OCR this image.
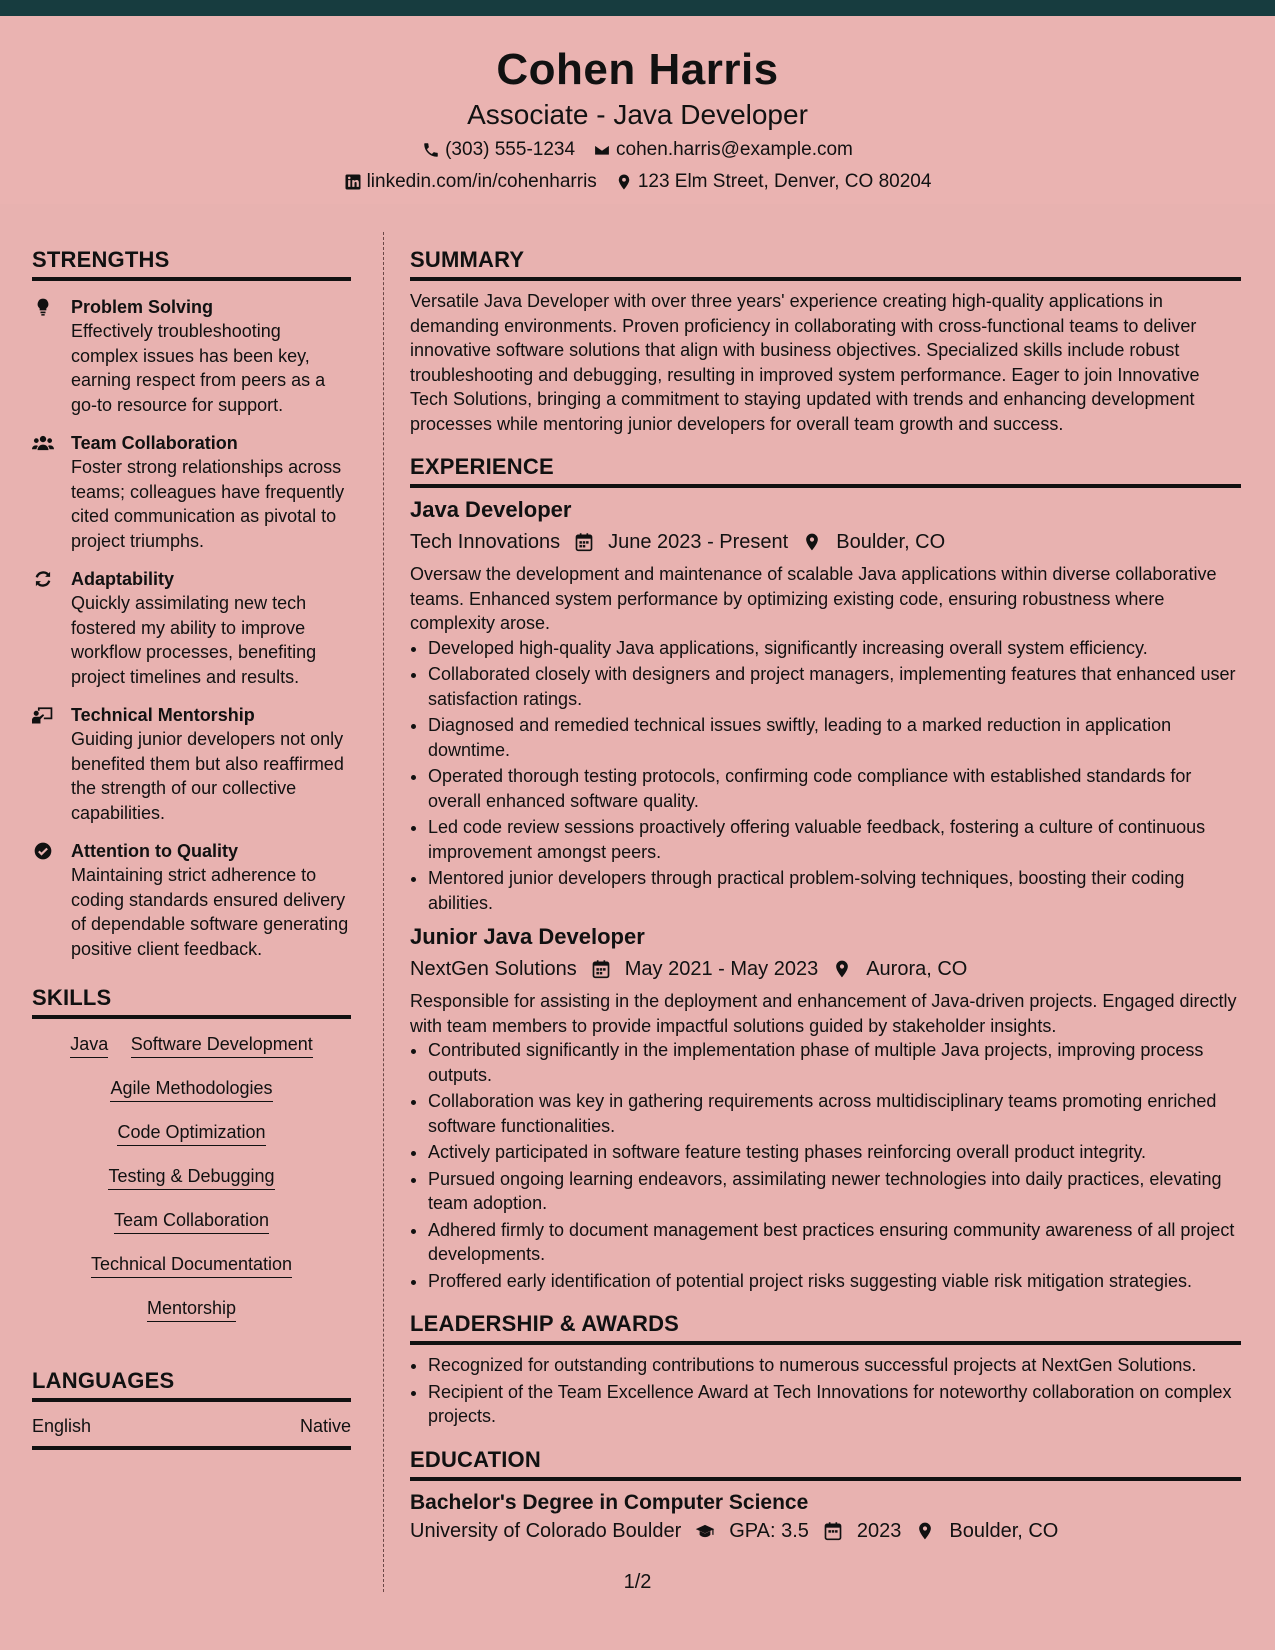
Cohen Harris
Associate - Java Developer
(303) 555-1234 cohen.harris@example.com
linkedin.com/in/cohenharris 123 Elm Street, Denver, CO 80204
STRENGTHS
Problem Solving
Effectively troubleshooting complex issues has been key, earning respect from peers as a go-to resource for support.
Team Collaboration
Foster strong relationships across teams; colleagues have frequently cited communication as pivotal to project triumphs.
Adaptability
Quickly assimilating new tech fostered my ability to improve workflow processes, benefiting project timelines and results.
Technical Mentorship
Guiding junior developers not only benefited them but also reaffirmed the strength of our collective capabilities.
Attention to Quality
Maintaining strict adherence to coding standards ensured delivery of dependable software generating positive client feedback.
SKILLS
Java Software Development
Agile Methodologies
Code Optimization
Testing & Debugging
Team Collaboration
Technical Documentation
Mentorship
LANGUAGES
English	Native
SUMMARY
Versatile Java Developer with over three years' experience creating high-quality applications in demanding environments. Proven proficiency in collaborating with cross-functional teams to deliver innovative software solutions that align with business objectives. Specialized skills include robust troubleshooting and debugging, resulting in improved system performance. Eager to join Innovative Tech Solutions, bringing a commitment to staying updated with trends and enhancing development processes while mentoring junior developers for overall team growth and success.
EXPERIENCE
Java Developer
Tech Innovations June 2023 - Present Boulder, CO
Oversaw the development and maintenance of scalable Java applications within diverse collaborative teams. Enhanced system performance by optimizing existing code, ensuring robustness where complexity arose.
• Developed high-quality Java applications, significantly increasing overall system efficiency.
• Collaborated closely with designers and project managers, implementing features that enhanced user satisfaction ratings.
• Diagnosed and remedied technical issues swiftly, leading to a marked reduction in application downtime.
• Operated thorough testing protocols, confirming code compliance with established standards for overall enhanced software quality.
• Led code review sessions proactively offering valuable feedback, fostering a culture of continuous improvement amongst peers.
• Mentored junior developers through practical problem-solving techniques, boosting their coding abilities.
Junior Java Developer
NextGen Solutions May 2021 - May 2023 Aurora, CO
Responsible for assisting in the deployment and enhancement of Java-driven projects. Engaged directly with team members to provide impactful solutions guided by stakeholder insights.
• Contributed significantly in the implementation phase of multiple Java projects, improving process outputs.
• Collaboration was key in gathering requirements across multidisciplinary teams promoting enriched software functionalities.
• Actively participated in software feature testing phases reinforcing overall product integrity.
• Pursued ongoing learning endeavors, assimilating newer technologies into daily practices, elevating team adoption.
• Adhered firmly to document management best practices ensuring community awareness of all project developments.
• Proffered early identification of potential project risks suggesting viable risk mitigation strategies.
LEADERSHIP & AWARDS
• Recognized for outstanding contributions to numerous successful projects at NextGen Solutions.
• Recipient of the Team Excellence Award at Tech Innovations for noteworthy collaboration on complex projects.
EDUCATION
Bachelor's Degree in Computer Science
University of Colorado Boulder GPA: 3.5 2023 Boulder, CO
1/2
